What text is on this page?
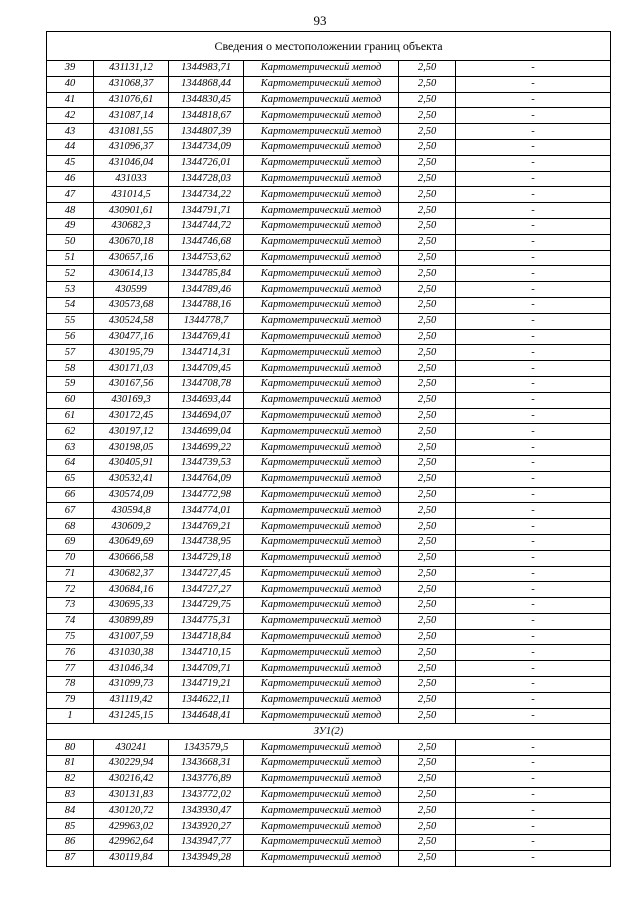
93
Сведения о местоположении границ объекта					
39	431131,12	1344983,71	Картометрический метод	2,50	-
40	431068,37	1344868,44	Картометрический метод	2,50	-
41	431076,61	1344830,45	Картометрический метод	2,50	-
42	431087,14	1344818,67	Картометрический метод	2,50	-
43	431081,55	1344807,39	Картометрический метод	2,50	-
44	431096,37	1344734,09	Картометрический метод	2,50	-
45	431046,04	1344726,01	Картометрический метод	2,50	-
46	431033	1344728,03	Картометрический метод	2,50	-
47	431014,5	1344734,22	Картометрический метод	2,50	-
48	430901,61	1344791,71	Картометрический метод	2,50	-
49	430682,3	1344744,72	Картометрический метод	2,50	-
50	430670,18	1344746,68	Картометрический метод	2,50	-
51	430657,16	1344753,62	Картометрический метод	2,50	-
52	430614,13	1344785,84	Картометрический метод	2,50	-
53	430599	1344789,46	Картометрический метод	2,50	-
54	430573,68	1344788,16	Картометрический метод	2,50	-
55	430524,58	1344778,7	Картометрический метод	2,50	-
56	430477,16	1344769,41	Картометрический метод	2,50	-
57	430195,79	1344714,31	Картометрический метод	2,50	-
58	430171,03	1344709,45	Картометрический метод	2,50	-
59	430167,56	1344708,78	Картометрический метод	2,50	-
60	430169,3	1344693,44	Картометрический метод	2,50	-
61	430172,45	1344694,07	Картометрический метод	2,50	-
62	430197,12	1344699,04	Картометрический метод	2,50	-
63	430198,05	1344699,22	Картометрический метод	2,50	-
64	430405,91	1344739,53	Картометрический метод	2,50	-
65	430532,41	1344764,09	Картометрический метод	2,50	-
66	430574,09	1344772,98	Картометрический метод	2,50	-
67	430594,8	1344774,01	Картометрический метод	2,50	-
68	430609,2	1344769,21	Картометрический метод	2,50	-
69	430649,69	1344738,95	Картометрический метод	2,50	-
70	430666,58	1344729,18	Картометрический метод	2,50	-
71	430682,37	1344727,45	Картометрический метод	2,50	-
72	430684,16	1344727,27	Картометрический метод	2,50	-
73	430695,33	1344729,75	Картометрический метод	2,50	-
74	430899,89	1344775,31	Картометрический метод	2,50	-
75	431007,59	1344718,84	Картометрический метод	2,50	-
76	431030,38	1344710,15	Картометрический метод	2,50	-
77	431046,34	1344709,71	Картометрический метод	2,50	-
78	431099,73	1344719,21	Картометрический метод	2,50	-
79	431119,42	1344622,11	Картометрический метод	2,50	-
1	431245,15	1344648,41	Картометрический метод	2,50	-
ЗУ1(2)					
80	430241	1343579,5	Картометрический метод	2,50	-
81	430229,94	1343668,31	Картометрический метод	2,50	-
82	430216,42	1343776,89	Картометрический метод	2,50	-
83	430131,83	1343772,02	Картометрический метод	2,50	-
84	430120,72	1343930,47	Картометрический метод	2,50	-
85	429963,02	1343920,27	Картометрический метод	2,50	-
86	429962,64	1343947,77	Картометрический метод	2,50	-
87	430119,84	1343949,28	Картометрический метод	2,50	-
